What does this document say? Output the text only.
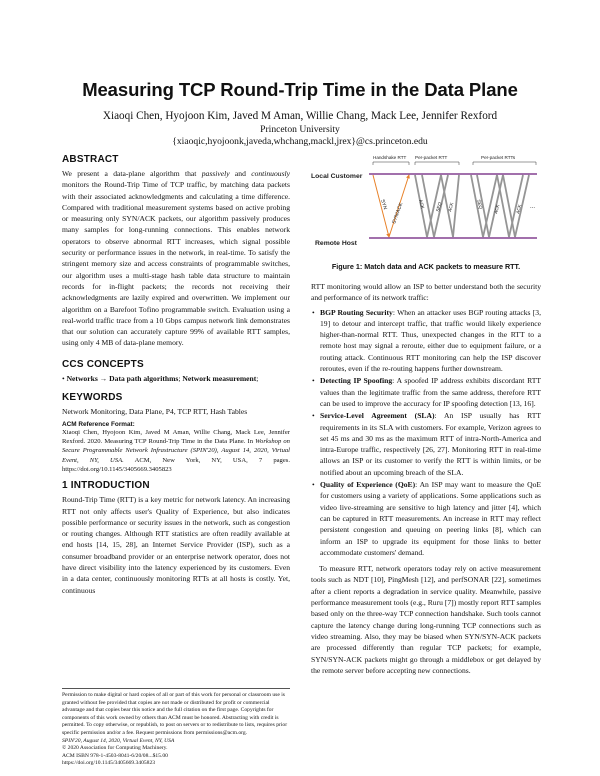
Measuring TCP Round-Trip Time in the Data Plane
Xiaoqi Chen, Hyojoon Kim, Javed M Aman, Willie Chang, Mack Lee, Jennifer Rexford
Princeton University
{xiaoqic,hyojoonk,javeda,whchang,mackl,jrex}@cs.princeton.edu
ABSTRACT

We present a data-plane algorithm that passively and continuously monitors the Round-Trip Time of TCP traffic, by matching data packets with their associated acknowledgments and calculating a time difference. Compared with traditional measurement systems based on active probing or measuring only SYN/ACK packets, our algorithm passively produces many samples for long-running connections. This enables network operators to observe abnormal RTT increases, which signal possible security or performance issues in the network, in real-time. To satisfy the stringent memory size and access constraints of programmable switches, our algorithm uses a multi-stage hash table data structure to maintain records for in-flight packets; the records not receiving their acknowledgments are lazily expired and overwritten. We implement our algorithm on a Barefoot Tofino programmable switch. Evaluation using a real-world traffic trace from a 10 Gbps campus network link demonstrates that our solution can accurately capture 99% of available RTT samples, using only 4 MB of data-plane memory.

CCS CONCEPTS
• Networks → Data path algorithms; Network measurement;
KEYWORDS
Network Monitoring, Data Plane, P4, TCP RTT, Hash Tables
ACM Reference Format:
Xiaoqi Chen, Hyojoon Kim, Javed M Aman, Willie Chang, Mack Lee, Jennifer Rexford. 2020. Measuring TCP Round-Trip Time in the Data Plane. In Workshop on Secure Programmable Network Infrastructure (SPIN'20), August 14, 2020, Virtual Event, NY, USA. ACM, New York, NY, USA, 7 pages. https://doi.org/10.1145/3405669.3405823
1 INTRODUCTION

Round-Trip Time (RTT) is a key metric for network latency. An increasing RTT not only affects user's Quality of Experience, but also indicates possible performance or security issues in the network, such as congestion or routing changes. Although RTT statistics are often readily available at end hosts [14, 15, 28], an Internet Service Provider (ISP), such as a consumer broadband provider or an enterprise network operator, does not have direct visibility into the latency experienced by its customers. Even in a data center, continuously monitoring RTTs at all hosts is costly. Yet, continuous

Permission to make digital or hard copies of all or part of this work for personal or classroom use is granted without fee provided that copies are not made or distributed for profit or commercial advantage and that copies bear this notice and the full citation on the first page. Copyrights for components of this work owned by others than ACM must be honored. Abstracting with credit is permitted. To copy otherwise, or republish, to post on servers or to redistribute to lists, requires prior specific permission and/or a fee. Request permissions from permissions@acm.org.

SPIN'20, August 14, 2020, Virtual Event, NY, USA

© 2020 Association for Computing Machinery.

ACM ISBN 978-1-4503-8041-6/20/08...$15.00

https://doi.org/10.1145/3405669.3405823

Handshake RTT Per-packet RTT	Per-packet RTTs
Local Customer
Remote Host
SYN SYN/ACK	ACK SEQ ACK	SEQ ACK	ACK ...
Figure 1: Match data and ACK packets to measure RTT.

RTT monitoring would allow an ISP to better understand both the security and performance of its network traffic:

• BGP Routing Security: When an attacker uses BGP routing attacks [3, 19] to detour and intercept traffic, that traffic would likely experience higher-than-normal RTT. Thus, unexpected changes in the RTT to a remote host may signal a reroute, either due to equipment failure, or a routing attack. Continuous RTT monitoring can help the ISP discover reroutes, even if the re-routing happens further downstream.
• Detecting IP Spoofing: A spoofed IP address exhibits discordant RTT values than the legitimate traffic from the same address, therefore RTT can be used to improve the accuracy for IP spoofing detection [13, 16].
• Service-Level Agreement (SLA): An ISP usually has RTT requirements in its SLA with customers. For example, Verizon agrees to set 45 ms and 30 ms as the maximum RTT of intra-North-America and intra-Europe traffic, respectively [26, 27]. Monitoring RTT in real-time allows an ISP or its customer to verify the RTT is within limits, or be notified about an upcoming breach of the SLA.
• Quality of Experience (QoE): An ISP may want to measure the QoE for customers using a variety of applications. Some applications such as video live-streaming are sensitive to high latency and jitter [4], which can be captured in RTT measurements. An increase in RTT may reflect persistent congestion and queuing on peering links [8], which can inform an ISP to upgrade its equipment for those links to better accommodate customers' demand.

To measure RTT, network operators today rely on active measurement tools such as NDT [10], PingMesh [12], and perfSONAR [22], sometimes after a client reports a degradation in service quality. Meanwhile, passive performance measurement tools (e.g., Ruru [7]) mostly report RTT samples based only on the three-way TCP connection handshake. Such tools cannot capture the latency change during long-running TCP connections such as video streaming. Also, they may be biased when SYN/SYN-ACK packets are processed differently than regular TCP packets; for example, SYN/SYN-ACK packets might go through a middlebox or get delayed by the remote server before accepting new connections.
